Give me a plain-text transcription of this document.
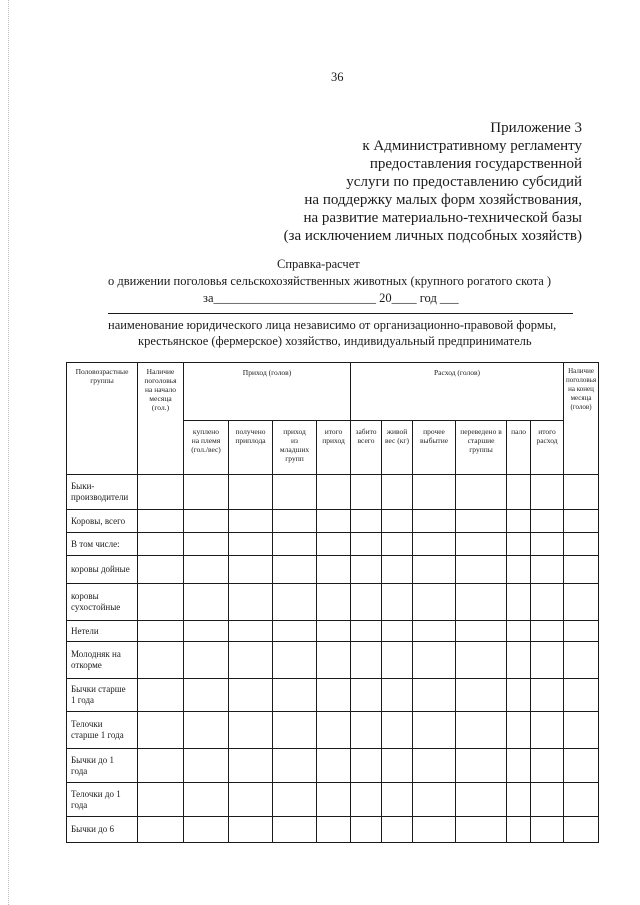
36
Приложение 3
к Административному регламенту
предоставления государственной
услуги по предоставлению субсидий
на поддержку малых форм хозяйствования,
на развитие материально-технической базы
(за исключением личных подсобных хозяйств)
Справка-расчет
о движении поголовья сельскохозяйственных животных (крупного рогатого скота )
за__________________________ 20____ год ___
наименование юридического лица независимо от организационно-правовой формы,
крестьянское (фермерское) хозяйство, индивидуальный предприниматель
Половозрастные группы	Наличие поголовья на начало месяца (гол.)	Приход (голов)				Расход (голов)						Наличие поголовья на конец месяца (голов)
		куплено на племя (гол./вес)	получено приплода	приход из младших групп	итого приход	забито всего	живой вес (кг)	прочее выбытие	переведено в старшие группы	пало	итого расход	
Быки-производители												
Коровы, всего												
В том числе:												
коровы дойные												
коровы сухостойные												
Нетели												
Молодняк на откорме												
Бычки старше 1 года												
Телочки старше 1 года												
Бычки до 1 года												
Телочки до 1 года												
Бычки до 6												
